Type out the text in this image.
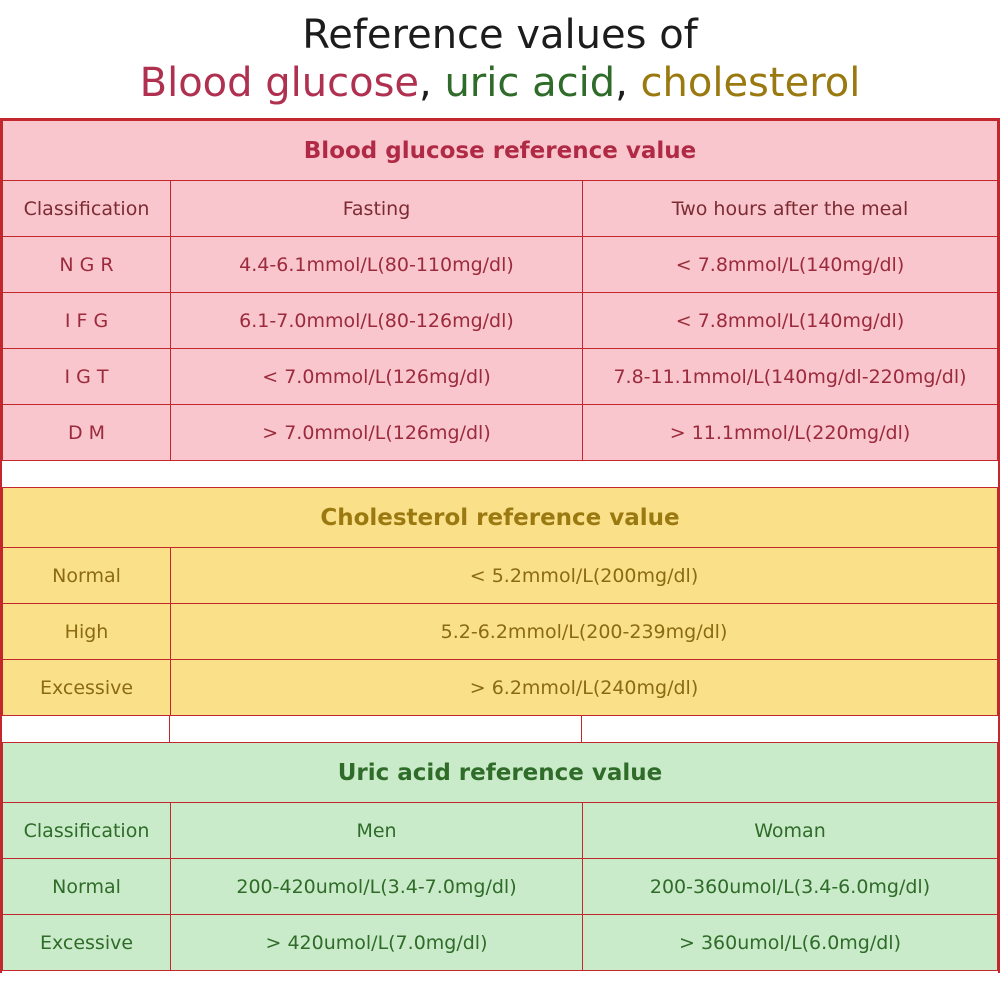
Reference values of
Blood glucose, uric acid, cholesterol
Blood glucose reference value		
Classification	Fasting	Two hours after the meal
N G R	4.4-6.1mmol/L(80-110mg/dl)	< 7.8mmol/L(140mg/dl)
I F G	6.1-7.0mmol/L(80-126mg/dl)	< 7.8mmol/L(140mg/dl)
I G T	< 7.0mmol/L(126mg/dl)	7.8-11.1mmol/L(140mg/dl-220mg/dl)
D M	> 7.0mmol/L(126mg/dl)	> 11.1mmol/L(220mg/dl)
Cholesterol reference value	
Normal	< 5.2mmol/L(200mg/dl)
High	5.2-6.2mmol/L(200-239mg/dl)
Excessive	> 6.2mmol/L(240mg/dl)
Uric acid reference value		
Classification	Men	Woman
Normal	200-420umol/L(3.4-7.0mg/dl)	200-360umol/L(3.4-6.0mg/dl)
Excessive	> 420umol/L(7.0mg/dl)	> 360umol/L(6.0mg/dl)
